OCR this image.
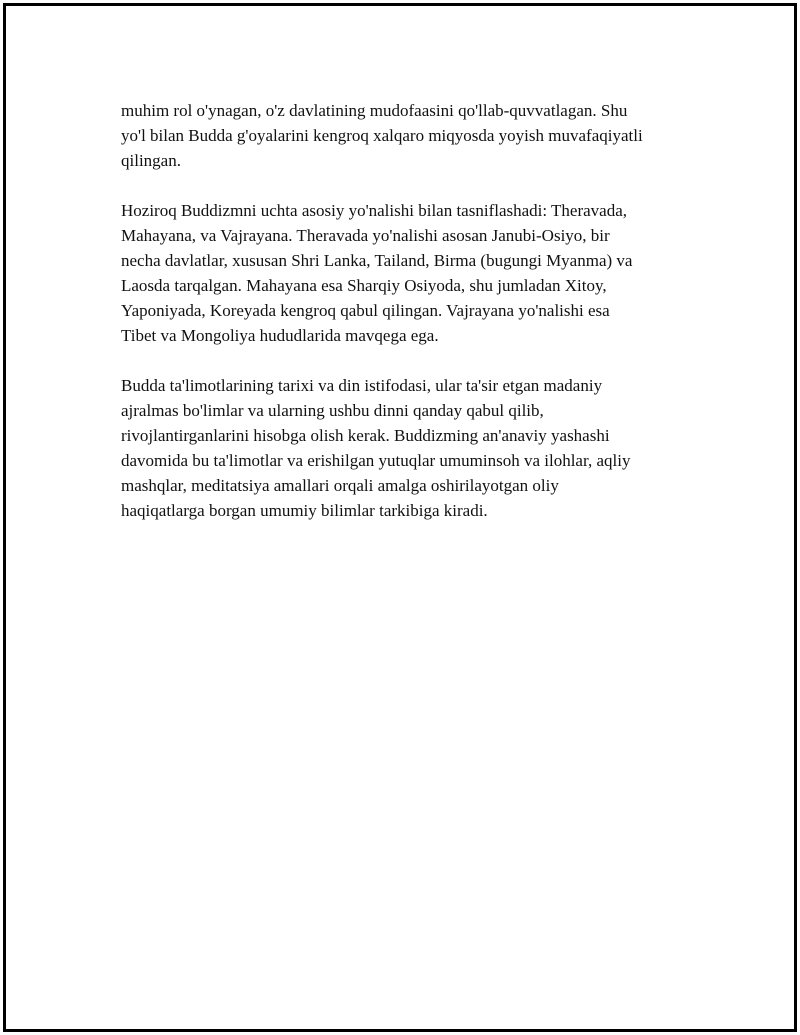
muhim rol o'ynagan, o'z davlatining mudofaasini qo'llab-quvvatlagan. Shu
yo'l bilan Budda g'oyalarini kengroq xalqaro miqyosda yoyish muvafaqiyatli
qilingan.

Hoziroq Buddizmni uchta asosiy yo'nalishi bilan tasniflashadi: Theravada,
Mahayana, va Vajrayana. Theravada yo'nalishi asosan Janubi-Osiyo, bir
necha davlatlar, xususan Shri Lanka, Tailand, Birma (bugungi Myanma) va
Laosda tarqalgan. Mahayana esa Sharqiy Osiyoda, shu jumladan Xitoy,
Yaponiyada, Koreyada kengroq qabul qilingan. Vajrayana yo'nalishi esa
Tibet va Mongoliya hududlarida mavqega ega.

Budda ta'limotlarining tarixi va din istifodasi, ular ta'sir etgan madaniy
ajralmas bo'limlar va ularning ushbu dinni qanday qabul qilib,
rivojlantirganlarini hisobga olish kerak. Buddizming an'anaviy yashashi
davomida bu ta'limotlar va erishilgan yutuqlar umuminsoh va ilohlar, aqliy
mashqlar, meditatsiya amallari orqali amalga oshirilayotgan oliy
haqiqatlarga borgan umumiy bilimlar tarkibiga kiradi.
